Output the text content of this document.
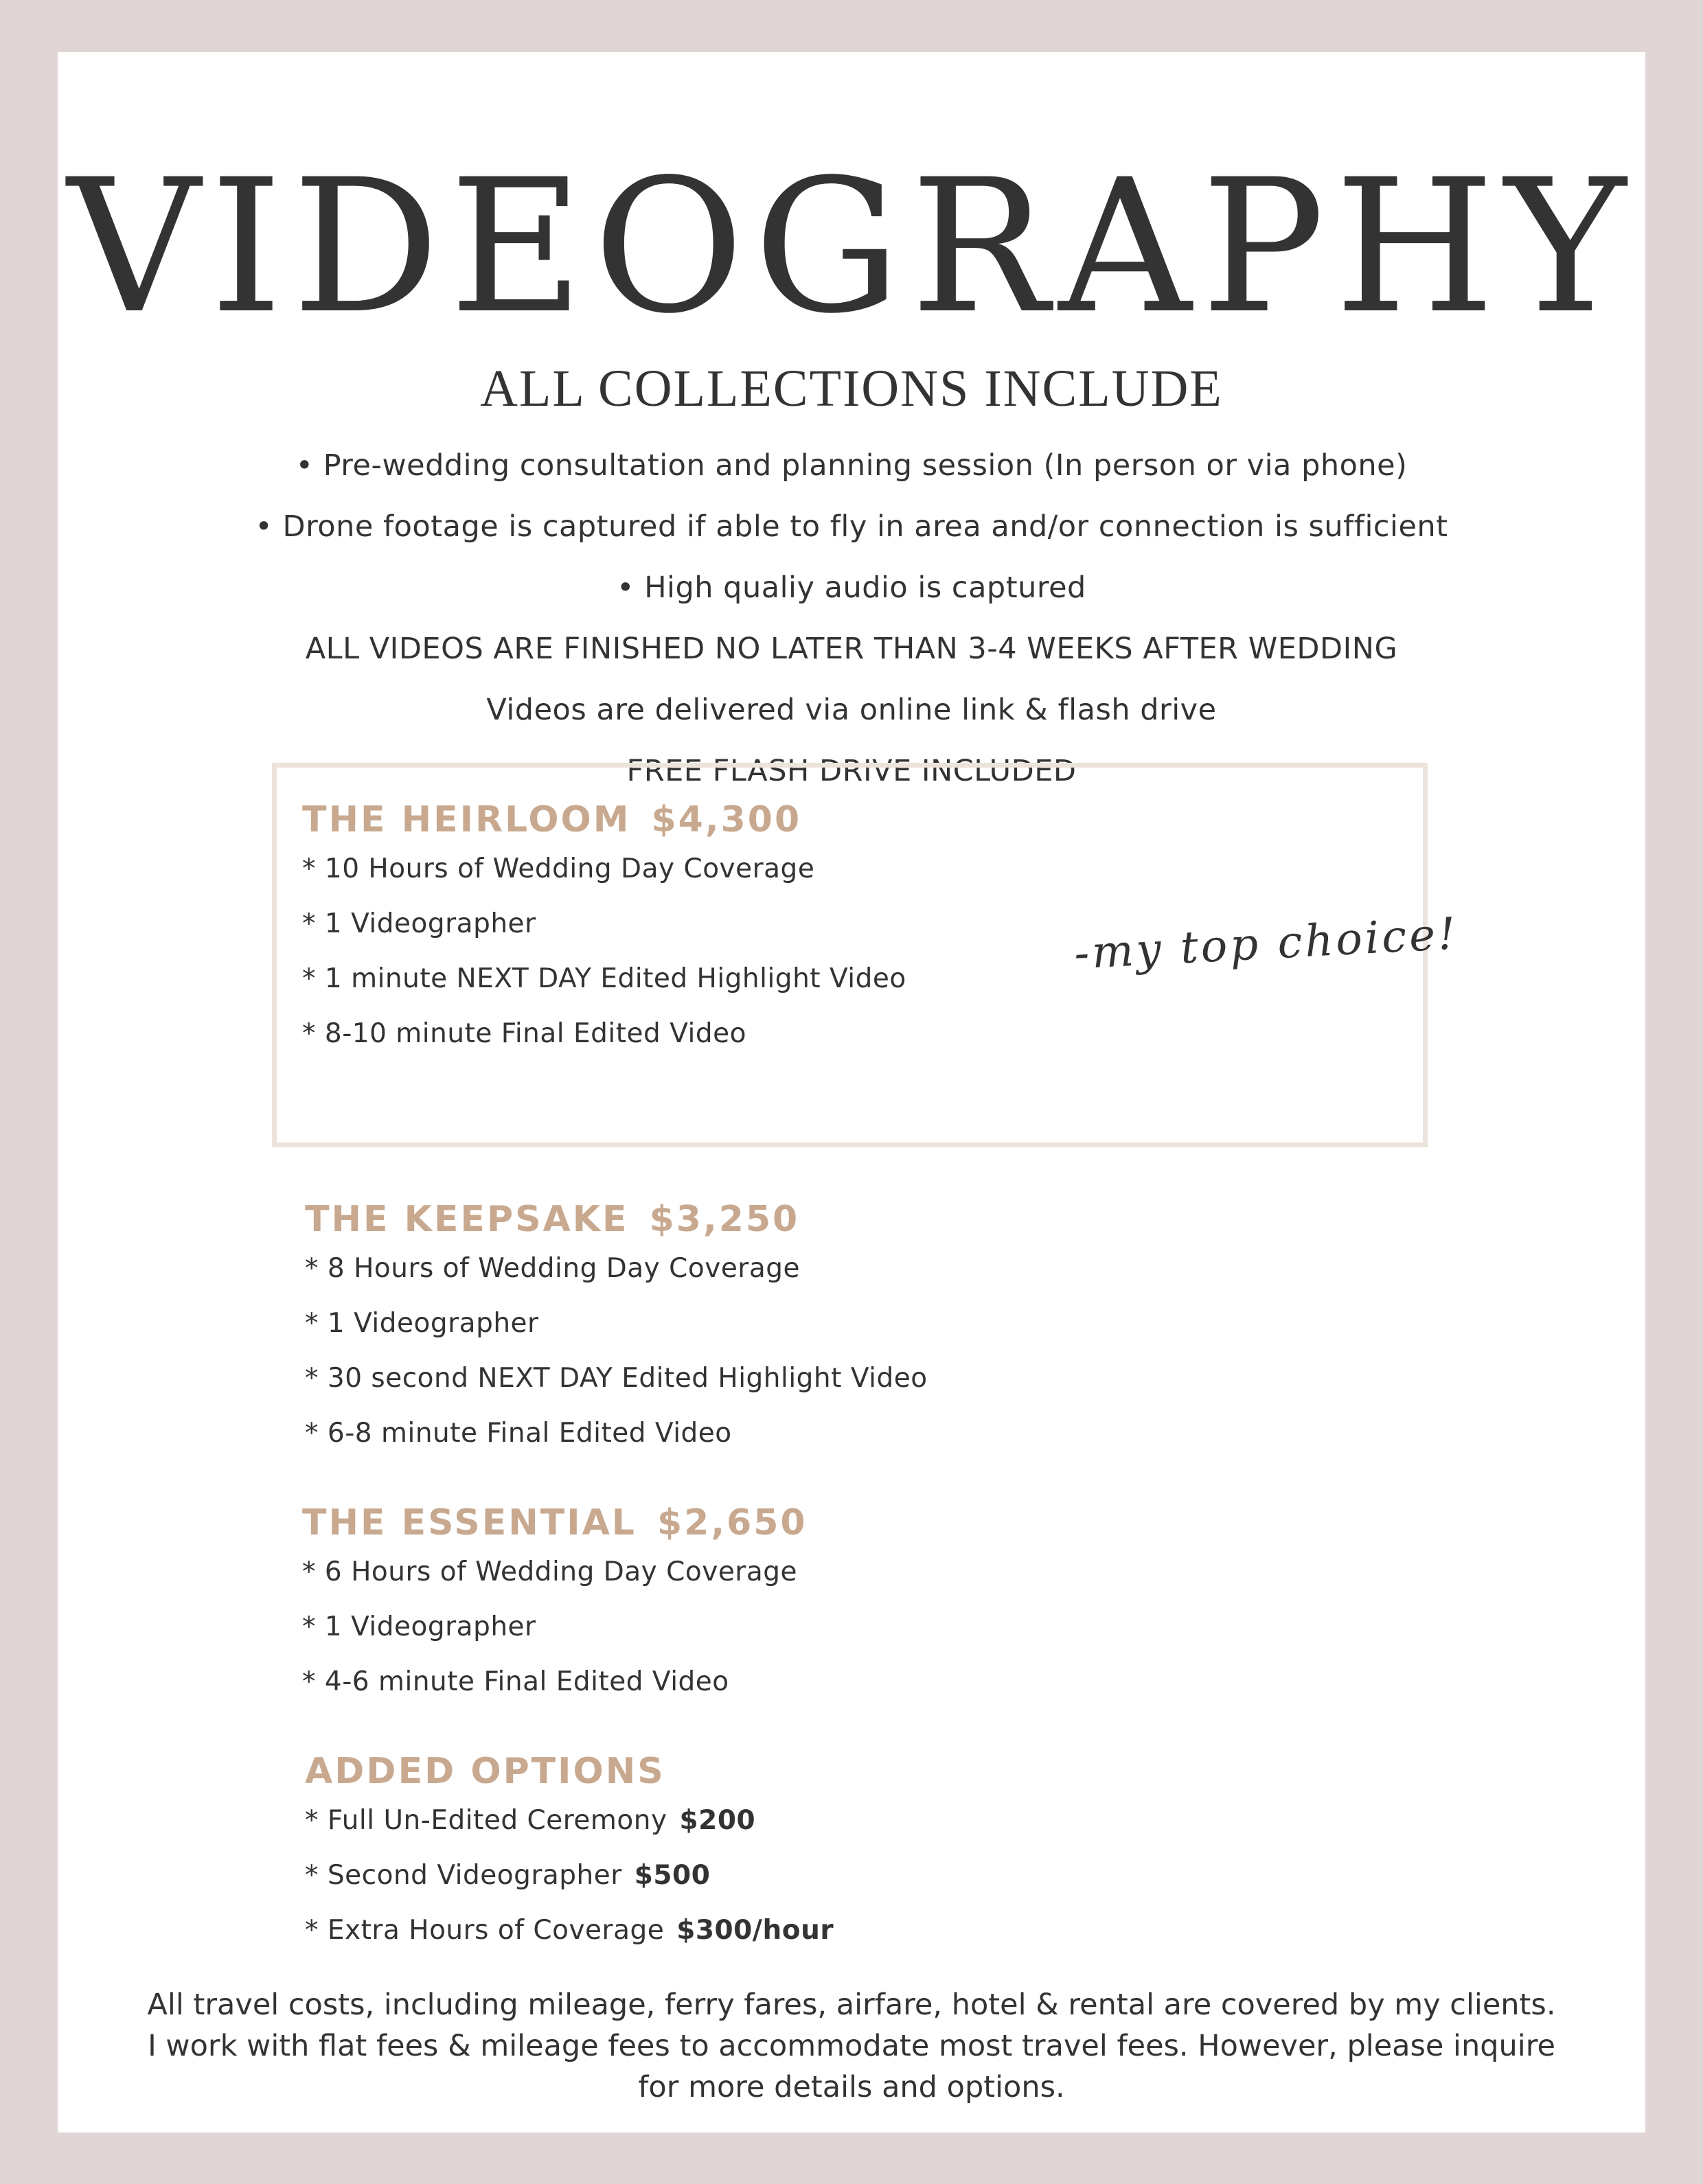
VIDEOGRAPHY
ALL COLLECTIONS INCLUDE
• Pre-wedding consultation and planning session (In person or via phone)
• Drone footage is captured if able to fly in area and/or connection is sufficient
• High qualiy audio is captured
ALL VIDEOS ARE FINISHED NO LATER THAN 3-4 WEEKS AFTER WEDDING
Videos are delivered via online link & flash drive
FREE FLASH DRIVE INCLUDED
THE HEIRLOOM $4,300
* 10 Hours of Wedding Day Coverage
* 1 Videographer
* 1 minute NEXT DAY Edited Highlight Video
* 8-10 minute Final Edited Video
-my top choice!
THE KEEPSAKE $3,250
* 8 Hours of Wedding Day Coverage
* 1 Videographer
* 30 second NEXT DAY Edited Highlight Video
* 6-8 minute Final Edited Video
THE ESSENTIAL $2,650
* 6 Hours of Wedding Day Coverage
* 1 Videographer
* 4-6 minute Final Edited Video
ADDED OPTIONS
* Full Un-Edited Ceremony $200
* Second Videographer $500
* Extra Hours of Coverage $300/hour
All travel costs, including mileage, ferry fares, airfare, hotel & rental are covered by my clients.
I work with flat fees & mileage fees to accommodate most travel fees. However, please inquire
for more details and options.
